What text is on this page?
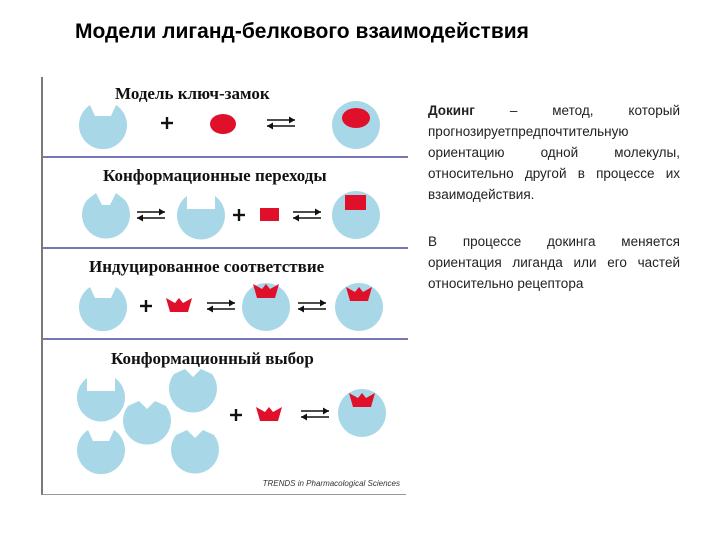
Модели лиганд-белкового взаимодействия
Модель ключ-замок
Конформационные переходы
Индуцированное соответствие
Конформационный выбор
TRENDS in Pharmacological Sciences
Докинг – метод, который прогнозируетпредпочтительную ориентацию одной молекулы, относительно другой в процессе их взаимодействия.
В процессе докинга меняется ориентация лиганда или его частей относительно рецептора
